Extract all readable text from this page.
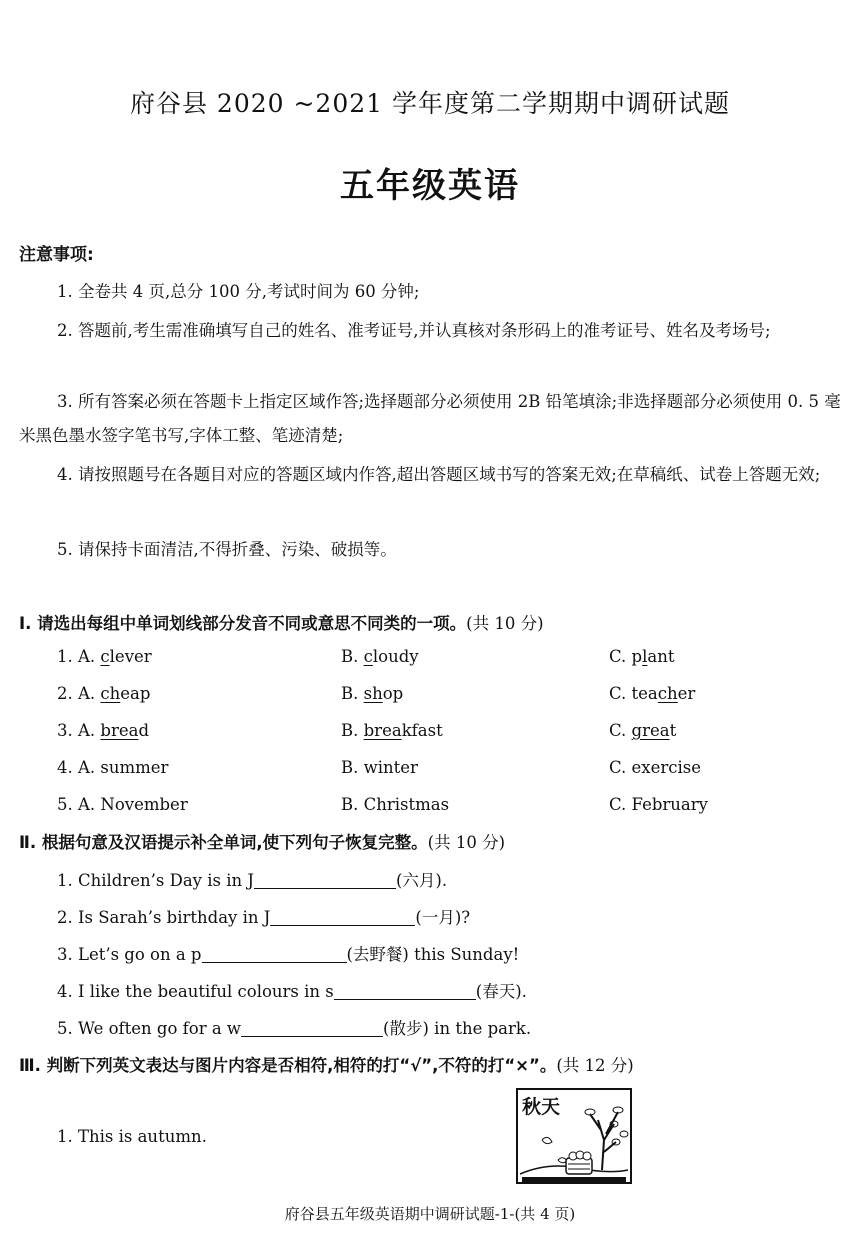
府谷县 2020 ~2021 学年度第二学期期中调研试题
五年级英语
注意事项:
1. 全卷共 4 页,总分 100 分,考试时间为 60 分钟;
2. 答题前,考生需准确填写自己的姓名、准考证号,并认真核对条形码上的准考证号、姓名及考场号;
3. 所有答案必须在答题卡上指定区域作答;选择题部分必须使用 2B 铅笔填涂;非选择题部分必须使用 0. 5 毫米黑色墨水签字笔书写,字体工整、笔迹清楚;
4. 请按照题号在各题目对应的答题区域内作答,超出答题区域书写的答案无效;在草稿纸、试卷上答题无效;
5. 请保持卡面清洁,不得折叠、污染、破损等。
Ⅰ. 请选出每组中单词划线部分发音不同或意思不同类的一项。(共 10 分)
1. A. clever	B. cloudy	C. plant
2. A. cheap	B. shop	C. teacher
3. A. bread	B. breakfast	C. great
4. A. summer	B. winter	C. exercise
5. A. November	B. Christmas	C. February
Ⅱ. 根据句意及汉语提示补全单词,使下列句子恢复完整。(共 10 分)
1. Children’s Day is in J	(六月).
2. Is Sarah’s birthday in J	(一月)?
3. Let’s go on a p	(去野餐) this Sunday!
4. I like the beautiful colours in s	(春天).
5. We often go for a w	(散步) in the park.
Ⅲ. 判断下列英文表达与图片内容是否相符,相符的打“√”,不符的打“×”。(共 12 分)
1. This is autumn.
秋天
府谷县五年级英语期中调研试题-1-(共 4 页)
